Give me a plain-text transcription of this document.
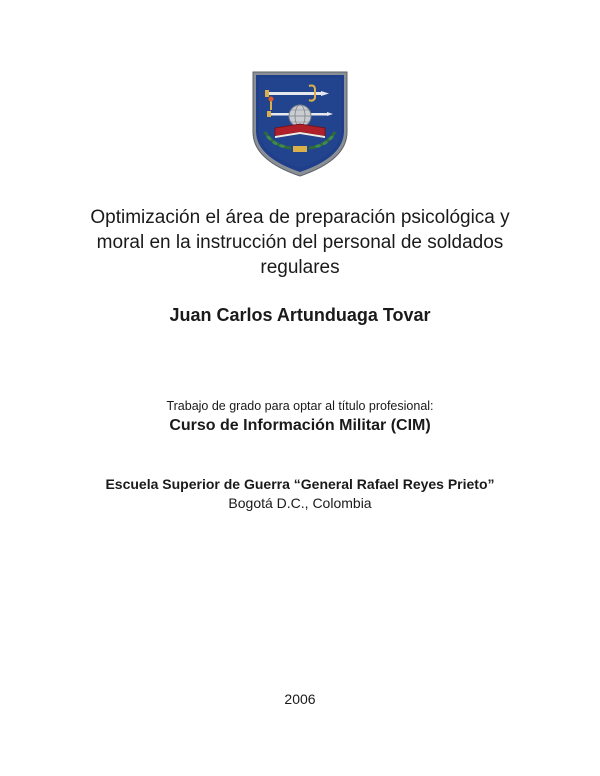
Optimización el área de preparación psicológica y
moral en la instrucción del personal de soldados
regulares
Juan Carlos Artunduaga Tovar
Trabajo de grado para optar al título profesional:
Curso de Información Militar (CIM)
Escuela Superior de Guerra “General Rafael Reyes Prieto”
Bogotá D.C., Colombia
2006
